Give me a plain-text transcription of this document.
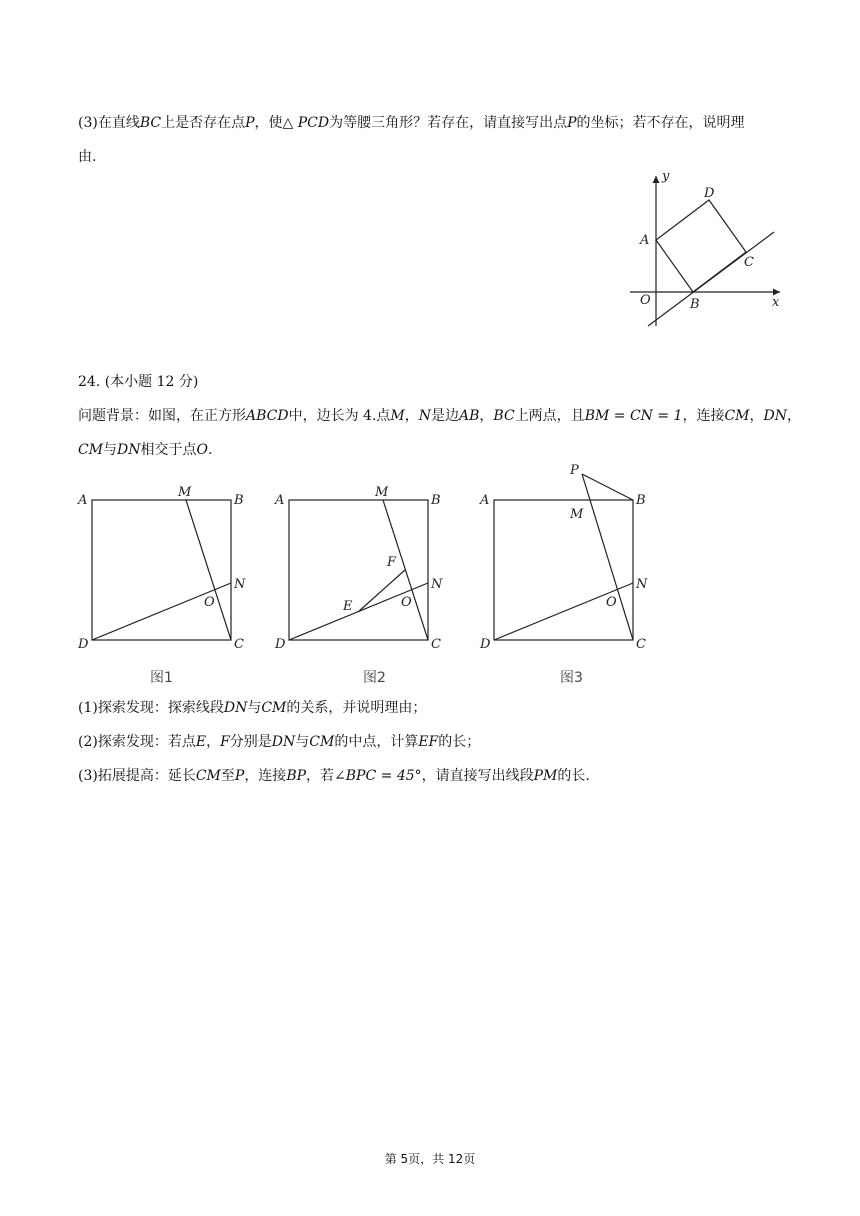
(3)在直线BC上是否存在点P，使△ PCD为等腰三角形？若存在，请直接写出点P的坐标；若不存在，说明理
由.
y
x
O
A
B
C
D
24. (本小题 12 分)
问题背景：如图，在正方形ABCD中，边长为 4.点M，N是边AB，BC上两点，且BM = CN = 1，连接CM，DN，
CM与DN相交于点O.
A	B
C
D
M
N
O
图1
A	B
C
D
M
N
O
E
F
图2
A	B
C
D
M
N
O
P
图3
(1)探索发现：探索线段DN与CM的关系，并说明理由；
(2)探索发现：若点E，F分别是DN与CM的中点，计算EF的长；
(3)拓展提高：延长CM至P，连接BP，若∠BPC = 45°，请直接写出线段PM的长.
第 5页，共 12页
